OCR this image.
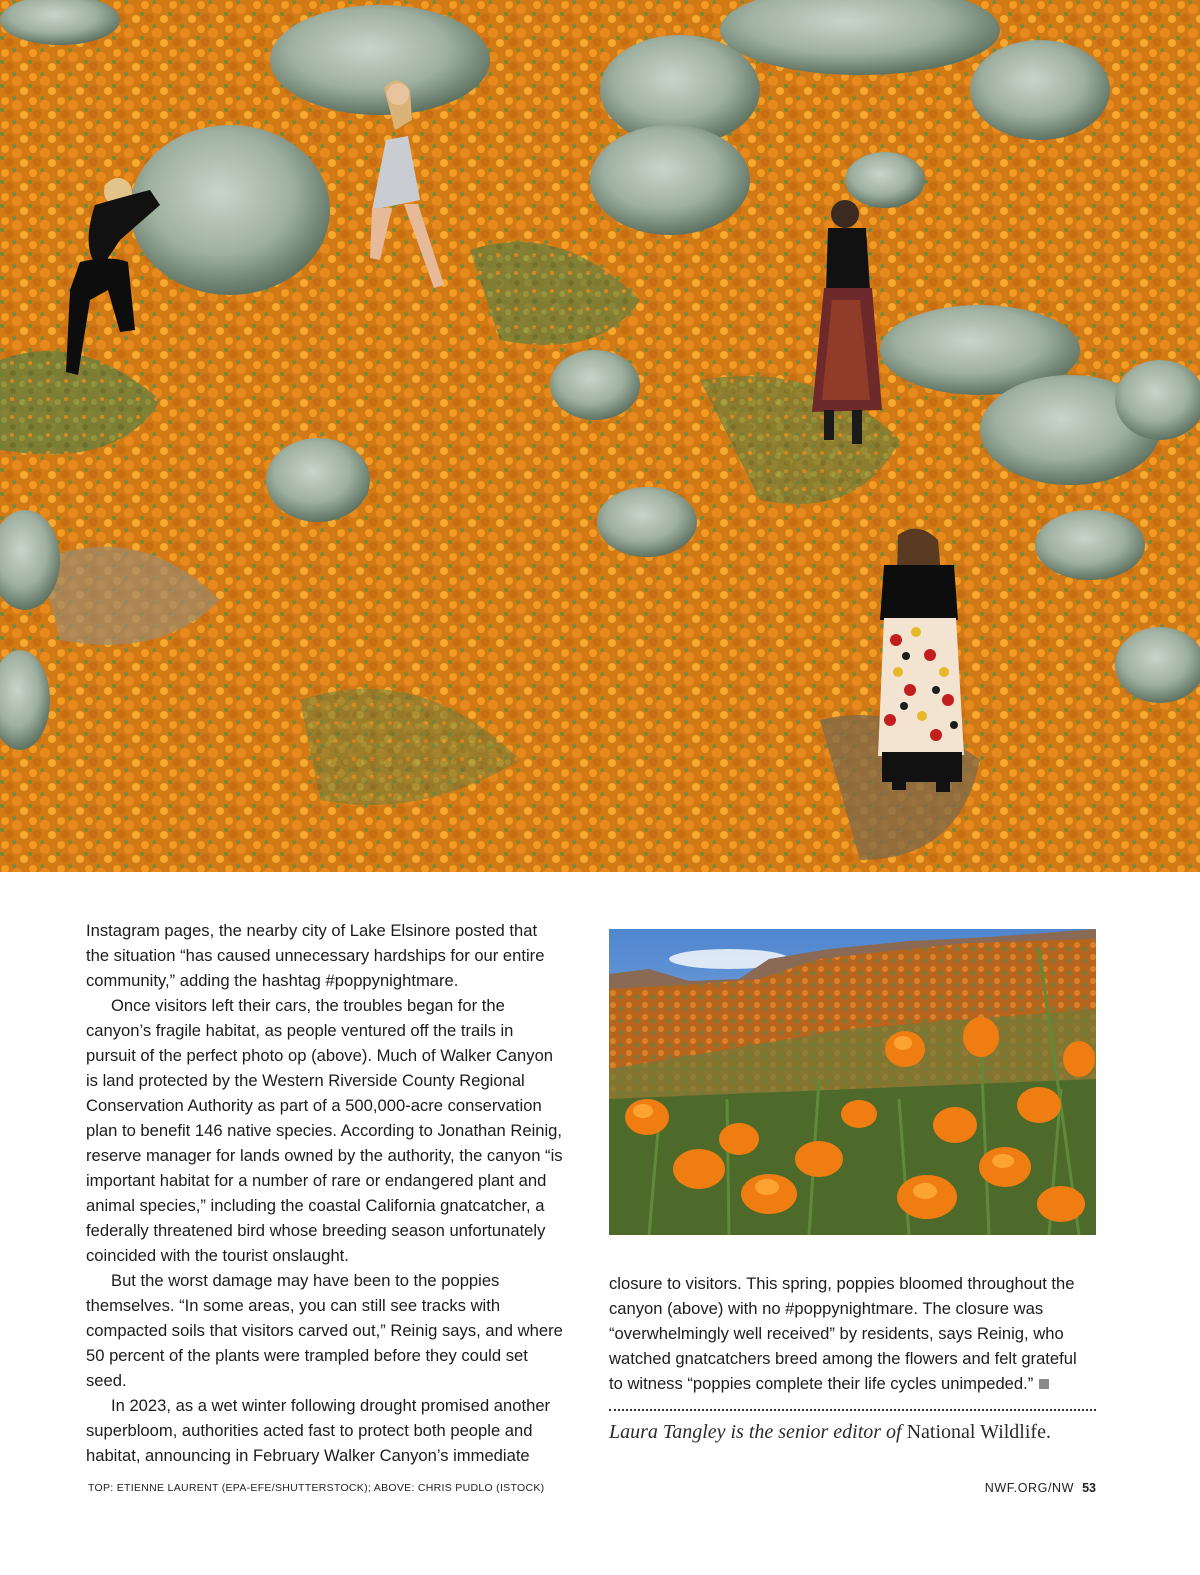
Instagram pages, the nearby city of Lake Elsinore posted that the situation “has caused unnecessary hardships for our entire community,” adding the hashtag #poppynightmare.

Once visitors left their cars, the troubles began for the canyon’s fragile habitat, as people ventured off the trails in pursuit of the perfect photo op (above). Much of Walker Canyon is land protected by the Western Riverside County Regional Conservation Authority as part of a 500,000-acre conservation plan to benefit 146 native species. According to Jonathan Reinig, reserve manager for lands owned by the authority, the canyon “is important habitat for a number of rare or endangered plant and animal species,” including the coastal California gnatcatcher, a federally threatened bird whose breeding season unfortunately coincided with the tourist onslaught.

But the worst damage may have been to the poppies themselves. “In some areas, you can still see tracks with compacted soils that visitors carved out,” Reinig says, and where 50 percent of the plants were trampled before they could set seed.

In 2023, as a wet winter following drought promised another superbloom, authorities acted fast to protect both people and habitat, announcing in February Walker Canyon’s immediate

closure to visitors. This spring, poppies bloomed throughout the canyon (above) with no #poppynightmare. The closure was “overwhelmingly well received” by residents, says Reinig, who watched gnatcatchers breed among the flowers and felt grateful to witness “poppies complete their life cycles unimpeded.”

Laura Tangley is the senior editor of National Wildlife.
TOP: ETIENNE LAURENT (EPA-EFE/SHUTTERSTOCK); ABOVE: CHRIS PUDLO (ISTOCK)	NWF.ORG/NW 53
